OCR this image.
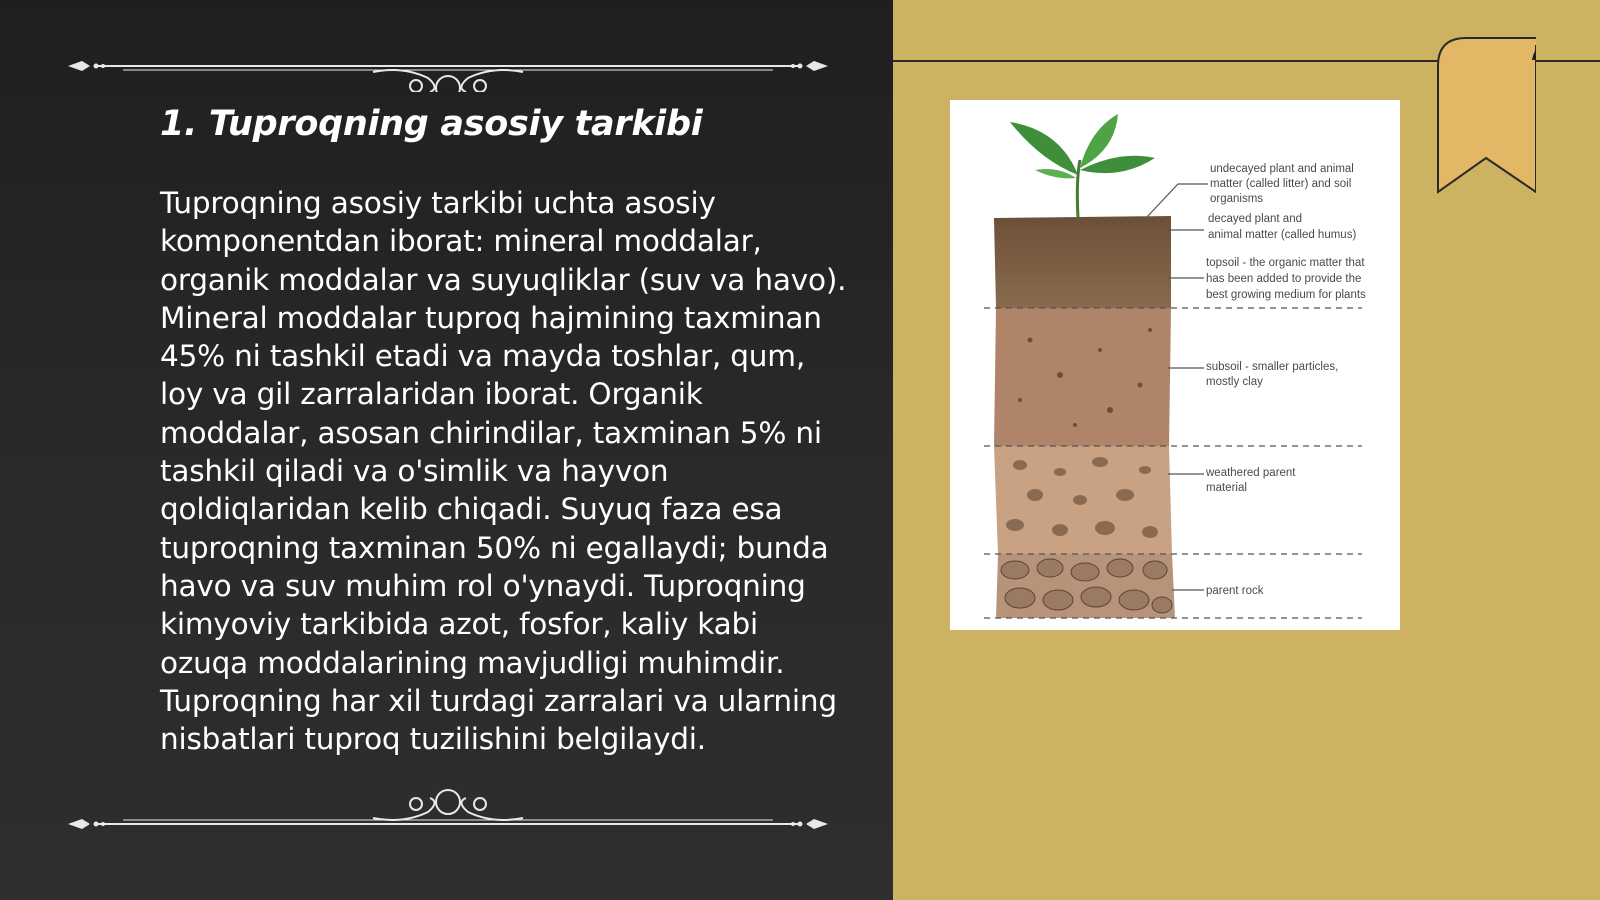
1. Tuproqning asosiy tarkibi

Tuproqning asosiy tarkibi uchta asosiy komponentdan iborat: mineral moddalar, organik moddalar va suyuqliklar (suv va havo). Mineral moddalar tuproq hajmining taxminan 45% ni tashkil etadi va mayda toshlar, qum, loy va gil zarralaridan iborat. Organik moddalar, asosan chirindilar, taxminan 5% ni tashkil qiladi va o'simlik va hayvon qoldiqlaridan kelib chiqadi. Suyuq faza esa tuproqning taxminan 50% ni egallaydi; bunda havo va suv muhim rol o'ynaydi. Tuproqning kimyoviy tarkibida azot, fosfor, kaliy kabi ozuqa moddalarining mavjudligi muhimdir. Tuproqning har xil turdagi zarralari va ularning nisbatlari tuproq tuzilishini belgilaydi.

undecayed plant and animal matter (called litter) and soil organisms
decayed plant and animal matter (called humus)
topsoil - the organic matter that has been added to provide the best growing medium for plants
subsoil - smaller particles, mostly clay
weathered parent material
parent rock
